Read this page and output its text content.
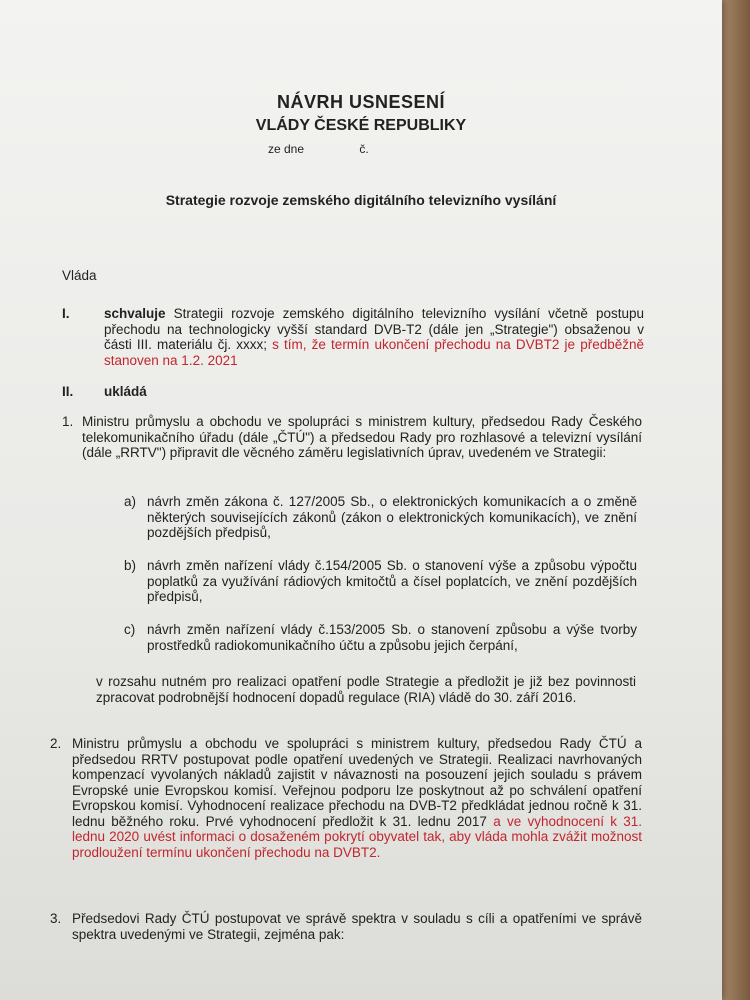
NÁVRH USNESENÍ
VLÁDY ČESKÉ REPUBLIKY
ze dne	č.
Strategie rozvoje zemského digitálního televizního vysílání
Vláda
I.	schvaluje Strategii rozvoje zemského digitálního televizního vysílání včetně postupu přechodu na technologicky vyšší standard DVB-T2 (dále jen „Strategie") obsaženou v části III. materiálu čj. xxxx; s tím, že termín ukončení přechodu na DVBT2 je předběžně stanoven na 1.2. 2021
II. ukládá
1. Ministru průmyslu a obchodu ve spolupráci s ministrem kultury, předsedou Rady Českého telekomunikačního úřadu (dále „ČTÚ") a předsedou Rady pro rozhlasové a televizní vysílání (dále „RRTV") připravit dle věcného záměru legislativních úprav, uvedeném ve Strategii:
a) návrh změn zákona č. 127/2005 Sb., o elektronických komunikacích a o změně některých souvisejících zákonů (zákon o elektronických komunikacích), ve znění pozdějších předpisů,
b) návrh změn nařízení vlády č.154/2005 Sb. o stanovení výše a způsobu výpočtu poplatků za využívání rádiových kmitočtů a čísel poplatcích, ve znění pozdějších předpisů,
c) návrh změn nařízení vlády č.153/2005 Sb. o stanovení způsobu a výše tvorby prostředků radiokomunikačního účtu a způsobu jejich čerpání,
v rozsahu nutném pro realizaci opatření podle Strategie a předložit je již bez povinnosti zpracovat podrobnější hodnocení dopadů regulace (RIA) vládě do 30. září 2016.
2. Ministru průmyslu a obchodu ve spolupráci s ministrem kultury, předsedou Rady ČTÚ a předsedou RRTV postupovat podle opatření uvedených ve Strategii. Realizaci navrhovaných kompenzací vyvolaných nákladů zajistit v návaznosti na posouzení jejich souladu s právem Evropské unie Evropskou komisí. Veřejnou podporu lze poskytnout až po schválení opatření Evropskou komisí. Vyhodnocení realizace přechodu na DVB-T2 předkládat jednou ročně k 31. lednu běžného roku. Prvé vyhodnocení předložit k 31. lednu 2017 a ve vyhodnocení k 31. lednu 2020 uvést informaci o dosaženém pokrytí obyvatel tak, aby vláda mohla zvážit možnost prodloužení termínu ukončení přechodu na DVBT2.
3. Předsedovi Rady ČTÚ postupovat ve správě spektra v souladu s cíli a opatřeními ve správě spektra uvedenými ve Strategii, zejména pak:
